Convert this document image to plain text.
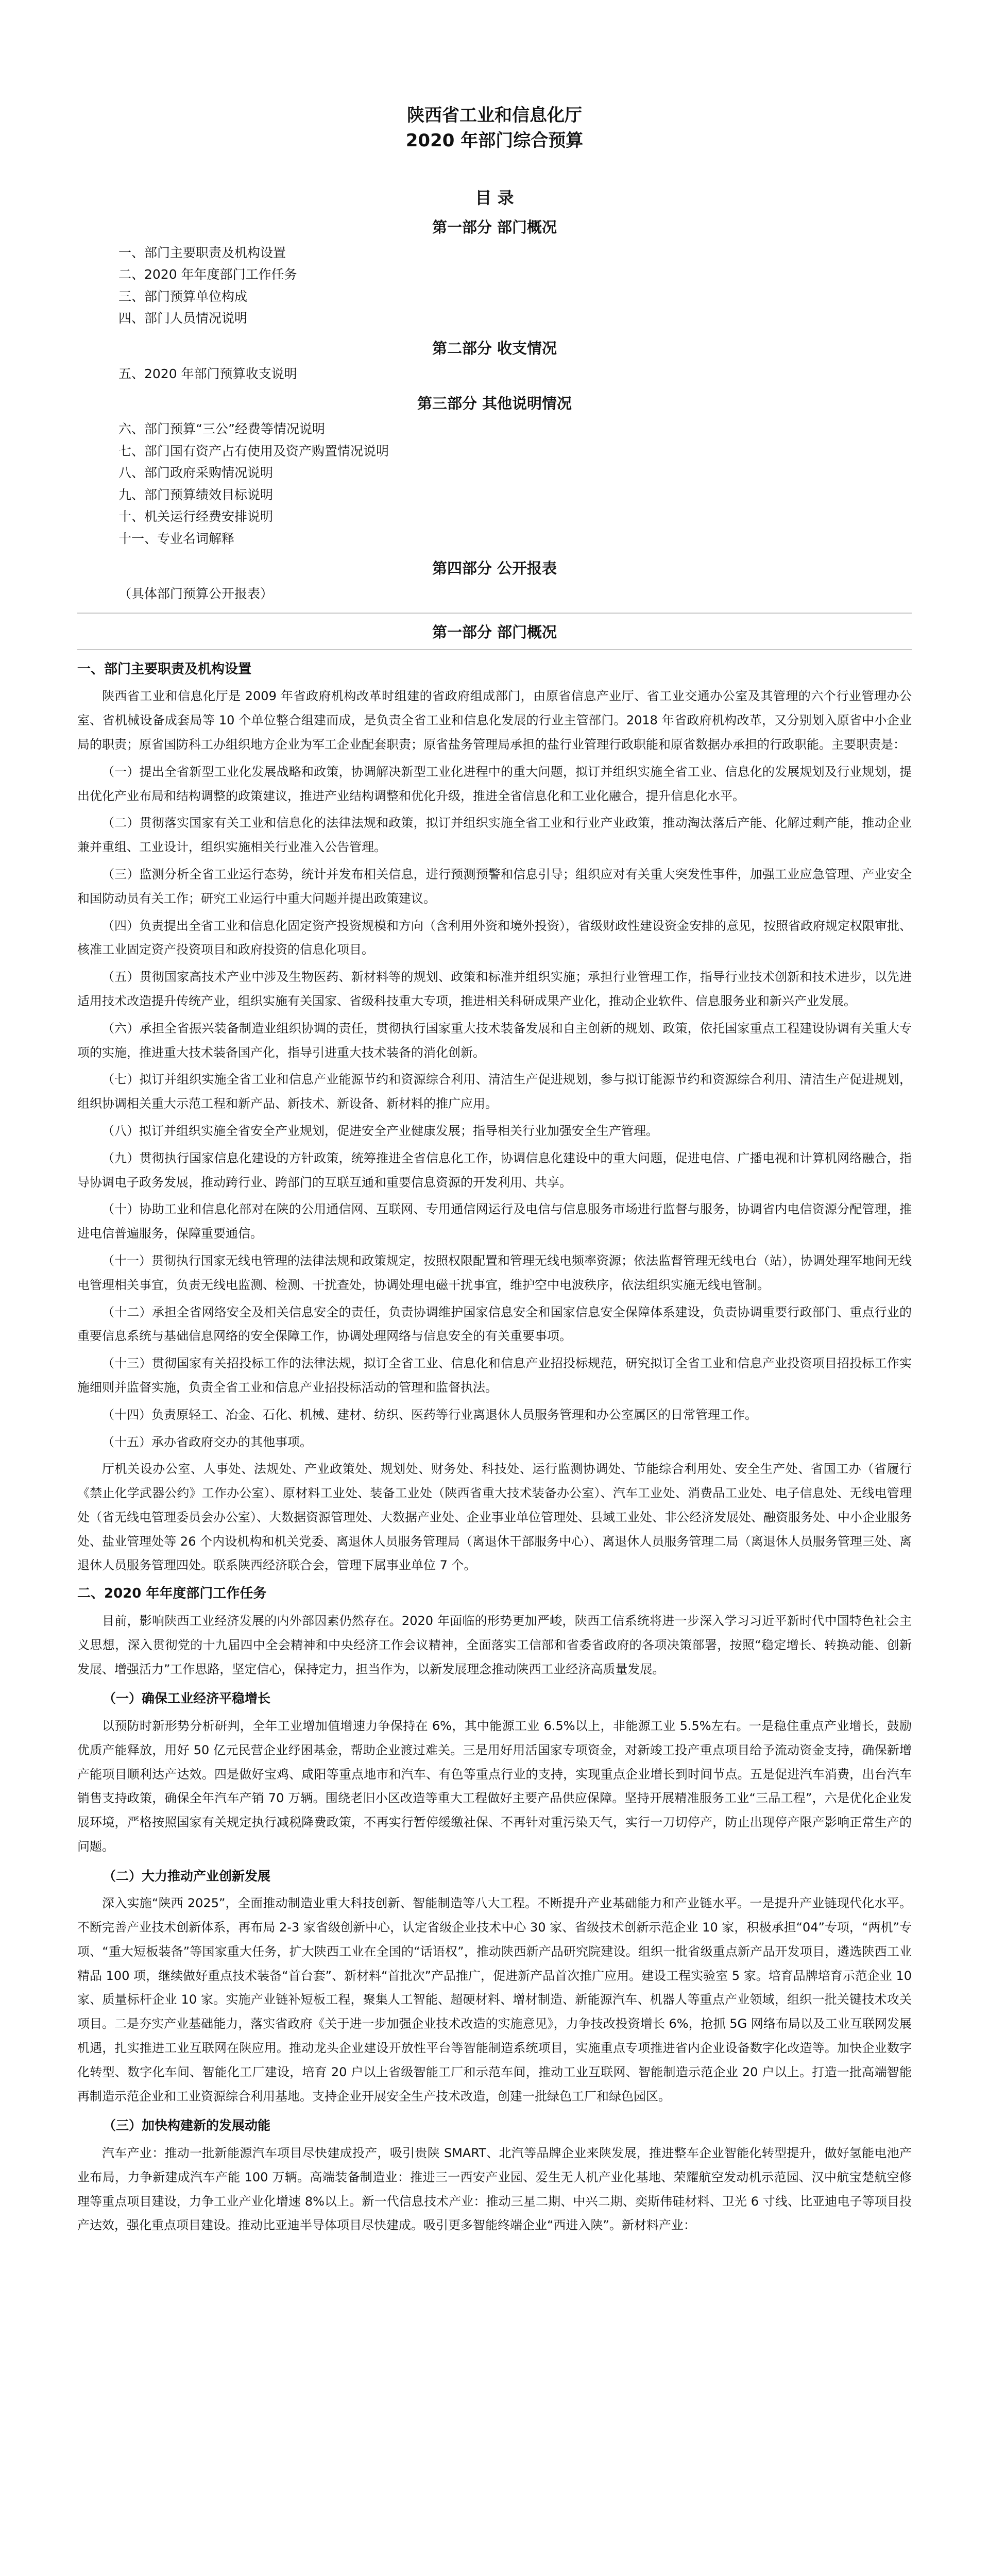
陕西省工业和信息化厅
2020 年部门综合预算
目 录
第一部分 部门概况
一、部门主要职责及机构设置
二、2020 年年度部门工作任务
三、部门预算单位构成
四、部门人员情况说明
第二部分 收支情况
五、2020 年部门预算收支说明
第三部分 其他说明情况
六、部门预算“三公”经费等情况说明
七、部门国有资产占有使用及资产购置情况说明
八、部门政府采购情况说明
九、部门预算绩效目标说明
十、机关运行经费安排说明
十一、专业名词解释
第四部分 公开报表
（具体部门预算公开报表）
第一部分 部门概况
一、部门主要职责及机构设置

陕西省工业和信息化厅是 2009 年省政府机构改革时组建的省政府组成部门，由原省信息产业厅、省工业交通办公室及其管理的六个行业管理办公室、省机械设备成套局等 10 个单位整合组建而成，是负责全省工业和信息化发展的行业主管部门。2018 年省政府机构改革，又分别划入原省中小企业局的职责；原省国防科工办组织地方企业为军工企业配套职责；原省盐务管理局承担的盐行业管理行政职能和原省数据办承担的行政职能。主要职责是：

（一）提出全省新型工业化发展战略和政策，协调解决新型工业化进程中的重大问题，拟订并组织实施全省工业、信息化的发展规划及行业规划，提出优化产业布局和结构调整的政策建议，推进产业结构调整和优化升级，推进全省信息化和工业化融合，提升信息化水平。

（二）贯彻落实国家有关工业和信息化的法律法规和政策，拟订并组织实施全省工业和行业产业政策，推动淘汰落后产能、化解过剩产能，推动企业兼并重组、工业设计，组织实施相关行业准入公告管理。

（三）监测分析全省工业运行态势，统计并发布相关信息，进行预测预警和信息引导；组织应对有关重大突发性事件，加强工业应急管理、产业安全和国防动员有关工作；研究工业运行中重大问题并提出政策建议。

（四）负责提出全省工业和信息化固定资产投资规模和方向（含利用外资和境外投资），省级财政性建设资金安排的意见，按照省政府规定权限审批、核准工业固定资产投资项目和政府投资的信息化项目。

（五）贯彻国家高技术产业中涉及生物医药、新材料等的规划、政策和标准并组织实施；承担行业管理工作，指导行业技术创新和技术进步，以先进适用技术改造提升传统产业，组织实施有关国家、省级科技重大专项，推进相关科研成果产业化，推动企业软件、信息服务业和新兴产业发展。

（六）承担全省振兴装备制造业组织协调的责任，贯彻执行国家重大技术装备发展和自主创新的规划、政策，依托国家重点工程建设协调有关重大专项的实施，推进重大技术装备国产化，指导引进重大技术装备的消化创新。

（七）拟订并组织实施全省工业和信息产业能源节约和资源综合利用、清洁生产促进规划，参与拟订能源节约和资源综合利用、清洁生产促进规划，组织协调相关重大示范工程和新产品、新技术、新设备、新材料的推广应用。

（八）拟订并组织实施全省安全产业规划，促进安全产业健康发展；指导相关行业加强安全生产管理。

（九）贯彻执行国家信息化建设的方针政策，统筹推进全省信息化工作，协调信息化建设中的重大问题，促进电信、广播电视和计算机网络融合，指导协调电子政务发展，推动跨行业、跨部门的互联互通和重要信息资源的开发利用、共享。

（十）协助工业和信息化部对在陕的公用通信网、互联网、专用通信网运行及电信与信息服务市场进行监督与服务，协调省内电信资源分配管理，推进电信普遍服务，保障重要通信。

（十一）贯彻执行国家无线电管理的法律法规和政策规定，按照权限配置和管理无线电频率资源；依法监督管理无线电台（站），协调处理军地间无线电管理相关事宜，负责无线电监测、检测、干扰查处，协调处理电磁干扰事宜，维护空中电波秩序，依法组织实施无线电管制。

（十二）承担全省网络安全及相关信息安全的责任，负责协调维护国家信息安全和国家信息安全保障体系建设，负责协调重要行政部门、重点行业的重要信息系统与基础信息网络的安全保障工作，协调处理网络与信息安全的有关重要事项。

（十三）贯彻国家有关招投标工作的法律法规，拟订全省工业、信息化和信息产业招投标规范，研究拟订全省工业和信息产业投资项目招投标工作实施细则并监督实施，负责全省工业和信息产业招投标活动的管理和监督执法。

（十四）负责原轻工、冶金、石化、机械、建材、纺织、医药等行业离退休人员服务管理和办公室属区的日常管理工作。

（十五）承办省政府交办的其他事项。

厅机关设办公室、人事处、法规处、产业政策处、规划处、财务处、科技处、运行监测协调处、节能综合利用处、安全生产处、省国工办（省履行《禁止化学武器公约》工作办公室）、原材料工业处、装备工业处（陕西省重大技术装备办公室）、汽车工业处、消费品工业处、电子信息处、无线电管理处（省无线电管理委员会办公室）、大数据资源管理处、大数据产业处、企业事业单位管理处、县域工业处、非公经济发展处、融资服务处、中小企业服务处、盐业管理处等 26 个内设机构和机关党委、离退休人员服务管理局（离退休干部服务中心）、离退休人员服务管理二局（离退休人员服务管理三处、离退休人员服务管理四处。联系陕西经济联合会，管理下属事业单位 7 个。

二、2020 年年度部门工作任务

目前，影响陕西工业经济发展的内外部因素仍然存在。2020 年面临的形势更加严峻，陕西工信系统将进一步深入学习习近平新时代中国特色社会主义思想，深入贯彻党的十九届四中全会精神和中央经济工作会议精神，全面落实工信部和省委省政府的各项决策部署，按照“稳定增长、转换动能、创新发展、增强活力”工作思路，坚定信心，保持定力，担当作为，以新发展理念推动陕西工业经济高质量发展。

（一）确保工业经济平稳增长

以预防时新形势分析研判，全年工业增加值增速力争保持在 6%，其中能源工业 6.5%以上，非能源工业 5.5%左右。一是稳住重点产业增长，鼓励优质产能释放，用好 50 亿元民营企业纾困基金，帮助企业渡过难关。三是用好用活国家专项资金，对新竣工投产重点项目给予流动资金支持，确保新增产能项目顺利达产达效。四是做好宝鸡、咸阳等重点地市和汽车、有色等重点行业的支持，实现重点企业增长到时间节点。五是促进汽车消费，出台汽车销售支持政策，确保全年汽车产销 70 万辆。围绕老旧小区改造等重大工程做好主要产品供应保障。坚持开展精准服务工业“三品工程”，六是优化企业发展环境，严格按照国家有关规定执行减税降费政策，不再实行暂停缓缴社保、不再针对重污染天气，实行一刀切停产，防止出现停产限产影响正常生产的问题。

（二）大力推动产业创新发展

深入实施“陕西 2025”，全面推动制造业重大科技创新、智能制造等八大工程。不断提升产业基础能力和产业链水平。一是提升产业链现代化水平。不断完善产业技术创新体系，再布局 2-3 家省级创新中心，认定省级企业技术中心 30 家、省级技术创新示范企业 10 家，积极承担“04”专项，“两机”专项、“重大短板装备”等国家重大任务，扩大陕西工业在全国的“话语权”，推动陕西新产品研究院建设。组织一批省级重点新产品开发项目，遴选陕西工业精品 100 项，继续做好重点技术装备“首台套”、新材料“首批次”产品推广，促进新产品首次推广应用。建设工程实验室 5 家。培育品牌培育示范企业 10 家、质量标杆企业 10 家。实施产业链补短板工程，聚集人工智能、超硬材料、增材制造、新能源汽车、机器人等重点产业领域，组织一批关键技术攻关项目。二是夯实产业基础能力，落实省政府《关于进一步加强企业技术改造的实施意见》，力争技改投资增长 6%，抢抓 5G 网络布局以及工业互联网发展机遇，扎实推进工业互联网在陕应用。推动龙头企业建设开放性平台等智能制造系统项目，实施重点专项推进省内企业设备数字化改造等。加快企业数字化转型、数字化车间、智能化工厂建设，培育 20 户以上省级智能工厂和示范车间，推动工业互联网、智能制造示范企业 20 户以上。打造一批高端智能再制造示范企业和工业资源综合利用基地。支持企业开展安全生产技术改造，创建一批绿色工厂和绿色园区。

（三）加快构建新的发展动能

汽车产业：推动一批新能源汽车项目尽快建成投产，吸引贵陕 SMART、北汽等品牌企业来陕发展，推进整车企业智能化转型提升，做好氢能电池产业布局，力争新建成汽车产能 100 万辆。高端装备制造业：推进三一西安产业园、爱生无人机产业化基地、荣耀航空发动机示范园、汉中航宝楚航空修理等重点项目建设，力争工业产业化增速 8%以上。新一代信息技术产业：推动三星二期、中兴二期、奕斯伟硅材料、卫光 6 寸线、比亚迪电子等项目投产达效，强化重点项目建设。推动比亚迪半导体项目尽快建成。吸引更多智能终端企业“西进入陕”。新材料产业：
